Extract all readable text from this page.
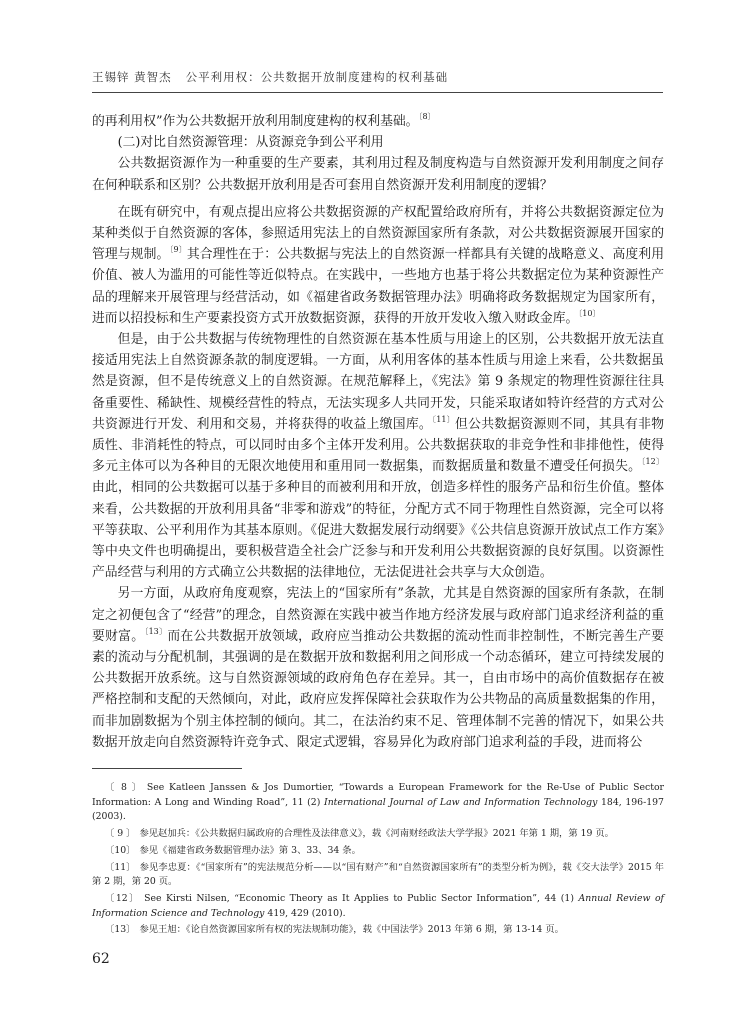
王锡锌 黄智杰 公平利用权：公共数据开放制度建构的权利基础

的再利用权”作为公共数据开放利用制度建构的权利基础。$^{〔8〕}$

(二)对比自然资源管理：从资源竞争到公平利用

公共数据资源作为一种重要的生产要素，其利用过程及制度构造与自然资源开发利用制度之间存在何种联系和区别？公共数据开放利用是否可套用自然资源开发利用制度的逻辑？

在既有研究中，有观点提出应将公共数据资源的产权配置给政府所有，并将公共数据资源定位为某种类似于自然资源的客体，参照适用宪法上的自然资源国家所有条款，对公共数据资源展开国家的管理与规制。$^{〔9〕}$其合理性在于：公共数据与宪法上的自然资源一样都具有关键的战略意义、高度利用价值、被人为滥用的可能性等近似特点。在实践中，一些地方也基于将公共数据定位为某种资源性产品的理解来开展管理与经营活动，如《福建省政务数据管理办法》明确将政务数据规定为国家所有，进而以招投标和生产要素投资方式开放数据资源，获得的开放开发收入缴入财政金库。$^{〔10〕}$

但是，由于公共数据与传统物理性的自然资源在基本性质与用途上的区别，公共数据开放无法直接适用宪法上自然资源条款的制度逻辑。一方面，从利用客体的基本性质与用途上来看，公共数据虽然是资源，但不是传统意义上的自然资源。在规范解释上，《宪法》第 9 条规定的物理性资源往往具备重要性、稀缺性、规模经营性的特点，无法实现多人共同开发，只能采取诸如特许经营的方式对公共资源进行开发、利用和交易，并将获得的收益上缴国库。$^{〔11〕}$但公共数据资源则不同，其具有非物质性、非消耗性的特点，可以同时由多个主体开发利用。公共数据获取的非竞争性和非排他性，使得多元主体可以为各种目的无限次地使用和重用同一数据集，而数据质量和数量不遭受任何损失。$^{〔12〕}$由此，相同的公共数据可以基于多种目的而被利用和开放，创造多样性的服务产品和衍生价值。整体来看，公共数据的开放利用具备“非零和游戏”的特征，分配方式不同于物理性自然资源，完全可以将平等获取、公平利用作为其基本原则。《促进大数据发展行动纲要》《公共信息资源开放试点工作方案》等中央文件也明确提出，要积极营造全社会广泛参与和开发利用公共数据资源的良好氛围。以资源性产品经营与利用的方式确立公共数据的法律地位，无法促进社会共享与大众创造。

另一方面，从政府角度观察，宪法上的“国家所有”条款，尤其是自然资源的国家所有条款，在制定之初便包含了“经营”的理念，自然资源在实践中被当作地方经济发展与政府部门追求经济利益的重要财富。$^{〔13〕}$而在公共数据开放领域，政府应当推动公共数据的流动性而非控制性，不断完善生产要素的流动与分配机制，其强调的是在数据开放和数据利用之间形成一个动态循环，建立可持续发展的公共数据开放系统。这与自然资源领域的政府角色存在差异。其一，自由市场中的高价值数据存在被严格控制和支配的天然倾向，对此，政府应发挥保障社会获取作为公共物品的高质量数据集的作用，而非加剧数据为个别主体控制的倾向。其二，在法治约束不足、管理体制不完善的情况下，如果公共数据开放走向自然资源特许竞争式、限定式逻辑，容易异化为政府部门追求利益的手段，进而将公

〔 8 〕 See Katleen Janssen & Jos Dumortier, “Towards a European Framework for the Re-Use of Public Sector Information: A Long and Winding Road”, 11 (2) International Journal of Law and Information Technology 184, 196-197 (2003).

〔 9 〕 参见赵加兵：《公共数据归属政府的合理性及法律意义》，载《河南财经政法大学学报》2021 年第 1 期，第 19 页。

〔10〕 参见《福建省政务数据管理办法》第 3、33、34 条。

〔11〕 参见李忠夏：《“国家所有”的宪法规范分析——以“国有财产”和“自然资源国家所有”的类型分析为例》，载《交大法学》2015 年第 2 期，第 20 页。

〔12〕 See Kirsti Nilsen, “Economic Theory as It Applies to Public Sector Information”, 44 (1) Annual Review of Information Science and Technology 419, 429 (2010).

〔13〕 参见王旭：《论自然资源国家所有权的宪法规制功能》，载《中国法学》2013 年第 6 期，第 13-14 页。

62
